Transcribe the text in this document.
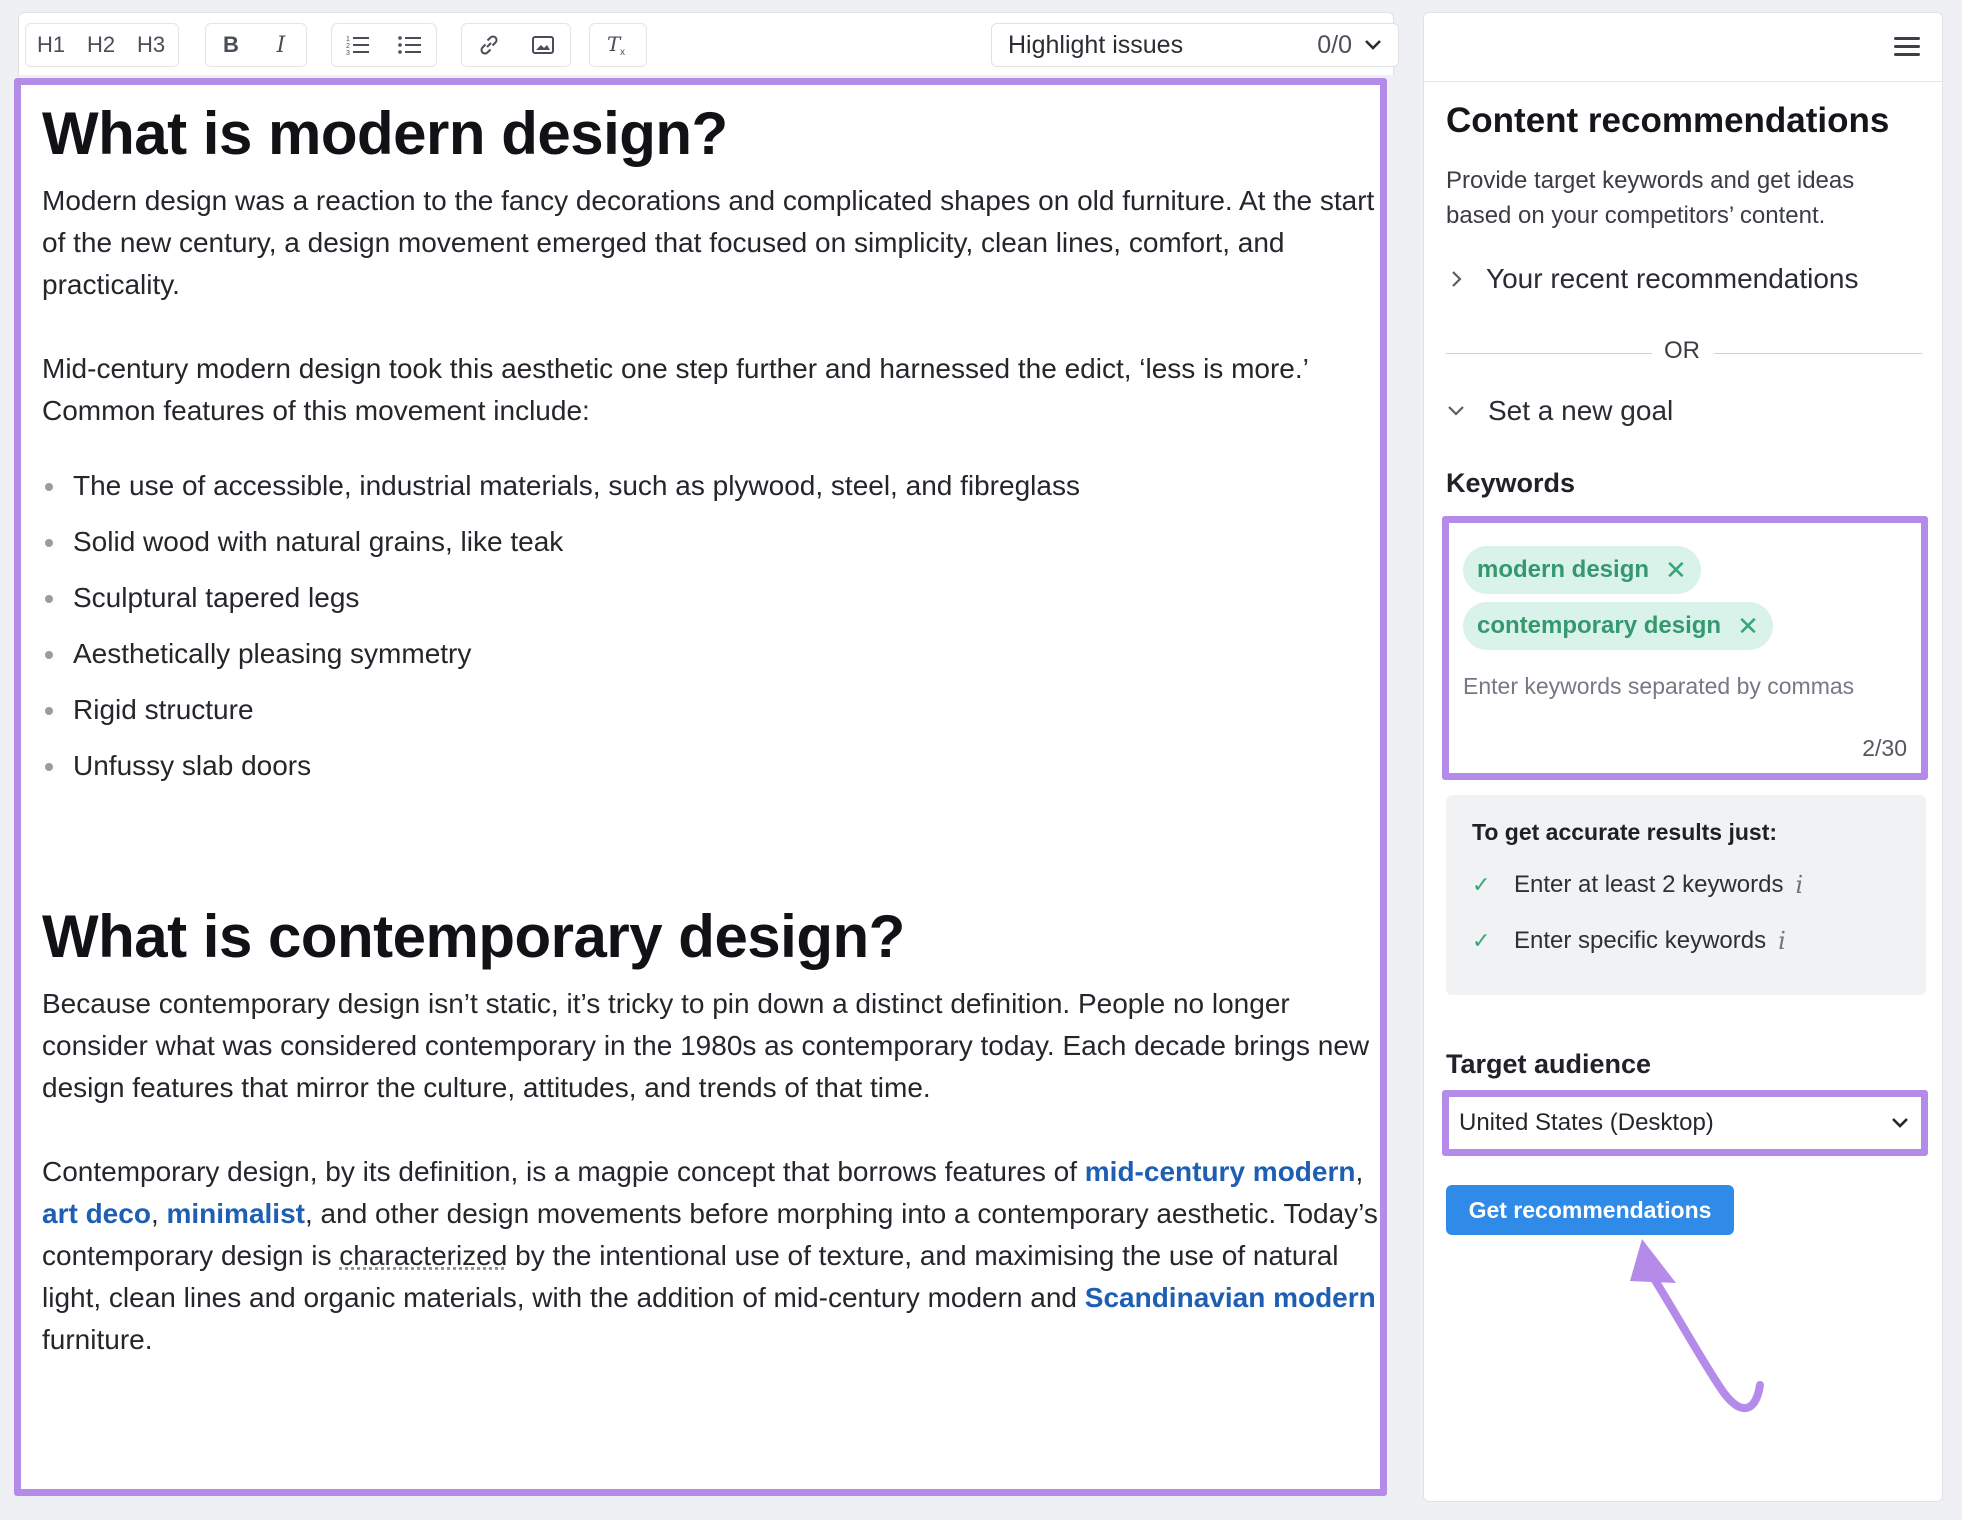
H1 H2 H3	B I	1
2
3	T x	Highlight issues	0/0
What is modern design?

Modern design was a reaction to the fancy decorations and complicated shapes on old furniture. At the start of the new century, a design movement emerged that focused on simplicity, clean lines, comfort, and practicality.

Mid-century modern design took this aesthetic one step further and harnessed the edict, ‘less is more.’ Common features of this movement include:

The use of accessible, industrial materials, such as plywood, steel, and fibreglass
Solid wood with natural grains, like teak
Sculptural tapered legs
Aesthetically pleasing symmetry
Rigid structure
Unfussy slab doors
What is contemporary design?

Because contemporary design isn’t static, it’s tricky to pin down a distinct definition. People no longer consider what was considered contemporary in the 1980s as contemporary today. Each decade brings new design features that mirror the culture, attitudes, and trends of that time.

Contemporary design, by its definition, is a magpie concept that borrows features of mid-century modern, art deco, minimalist, and other design movements before morphing into a contemporary aesthetic. Today’s contemporary design is characterized by the intentional use of texture, and maximising the use of natural light, clean lines and organic materials, with the addition of mid-century modern and Scandinavian modern furniture.

Content recommendations
Provide target keywords and get ideas based on your competitors’ content.
Your recent recommendations
OR
Set a new goal
Keywords
modern design ✕
contemporary design ✕
Enter keywords separated by commas
2/30
To get accurate results just:
✓ Enter at least 2 keywords i
✓ Enter specific keywords i
Target audience
United States (Desktop)
Get recommendations
